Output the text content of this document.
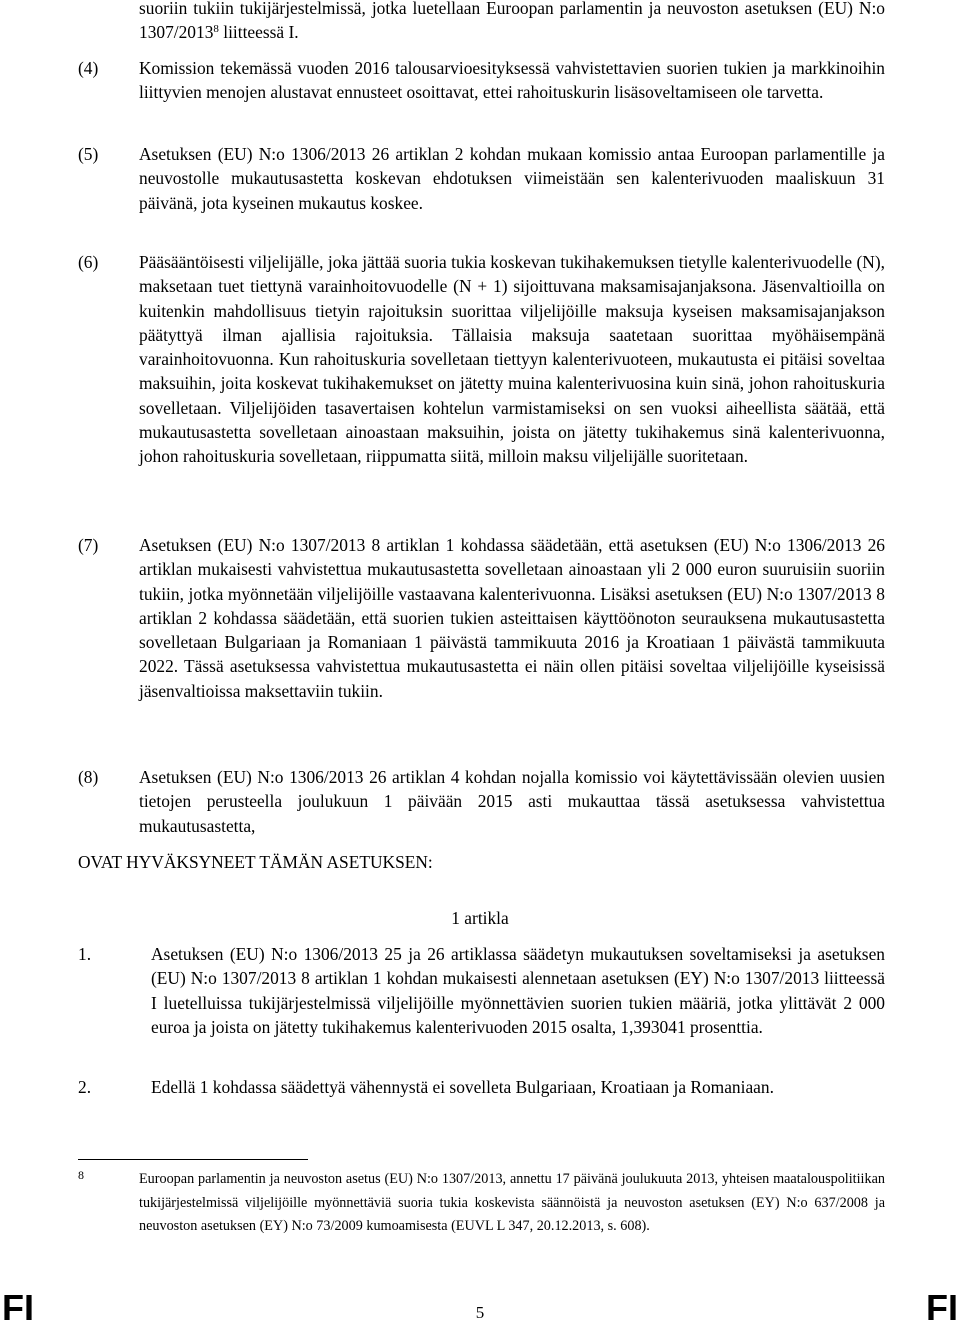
suoriin tukiin tukijärjestelmissä, jotka luetellaan Euroopan parlamentin ja neuvoston asetuksen (EU) N:o 1307/2013$^8$ liitteessä I.

(4) Komission tekemässä vuoden 2016 talousarvioesityksessä vahvistettavien suorien tukien ja markkinoihin liittyvien menojen alustavat ennusteet osoittavat, ettei rahoituskurin lisäsoveltamiseen ole tarvetta.

(5) Asetuksen (EU) N:o 1306/2013 26 artiklan 2 kohdan mukaan komissio antaa Euroopan parlamentille ja neuvostolle mukautusastetta koskevan ehdotuksen viimeistään sen kalenterivuoden maaliskuun 31 päivänä, jota kyseinen mukautus koskee.

(6) Pääsääntöisesti viljelijälle, joka jättää suoria tukia koskevan tukihakemuksen tietylle kalenterivuodelle (N), maksetaan tuet tiettynä varainhoitovuodelle (N + 1) sijoittuvana maksamisajanjaksona. Jäsenvaltioilla on kuitenkin mahdollisuus tietyin rajoituksin suorittaa viljelijöille maksuja kyseisen maksamisajanjakson päätyttyä ilman ajallisia rajoituksia. Tällaisia maksuja saatetaan suorittaa myöhäisempänä varainhoitovuonna. Kun rahoituskuria sovelletaan tiettyyn kalenterivuoteen, mukautusta ei pitäisi soveltaa maksuihin, joita koskevat tukihakemukset on jätetty muina kalenterivuosina kuin sinä, johon rahoituskuria sovelletaan. Viljelijöiden tasavertaisen kohtelun varmistamiseksi on sen vuoksi aiheellista säätää, että mukautusastetta sovelletaan ainoastaan maksuihin, joista on jätetty tukihakemus sinä kalenterivuonna, johon rahoituskuria sovelletaan, riippumatta siitä, milloin maksu viljelijälle suoritetaan.

(7) Asetuksen (EU) N:o 1307/2013 8 artiklan 1 kohdassa säädetään, että asetuksen (EU) N:o 1306/2013 26 artiklan mukaisesti vahvistettua mukautusastetta sovelletaan ainoastaan yli 2 000 euron suuruisiin suoriin tukiin, jotka myönnetään viljelijöille vastaavana kalenterivuonna. Lisäksi asetuksen (EU) N:o 1307/2013 8 artiklan 2 kohdassa säädetään, että suorien tukien asteittaisen käyttöönoton seurauksena mukautusastetta sovelletaan Bulgariaan ja Romaniaan 1 päivästä tammikuuta 2016 ja Kroatiaan 1 päivästä tammikuuta 2022. Tässä asetuksessa vahvistettua mukautusastetta ei näin ollen pitäisi soveltaa viljelijöille kyseisissä jäsenvaltioissa maksettaviin tukiin.

(8) Asetuksen (EU) N:o 1306/2013 26 artiklan 4 kohdan nojalla komissio voi käytettävissään olevien uusien tietojen perusteella joulukuun 1 päivään 2015 asti mukauttaa tässä asetuksessa vahvistettua mukautusastetta,

OVAT HYVÄKSYNEET TÄMÄN ASETUKSEN:
1 artikla
1.	Asetuksen (EU) N:o 1306/2013 25 ja 26 artiklassa säädetyn mukautuksen soveltamiseksi ja asetuksen (EU) N:o 1307/2013 8 artiklan 1 kohdan mukaisesti alennetaan asetuksen (EY) N:o 1307/2013 liitteessä I luetelluissa tukijärjestelmissä viljelijöille myönnettävien suorien tukien määriä, jotka ylittävät 2 000 euroa ja joista on jätetty tukihakemus kalenterivuoden 2015 osalta, 1,393041 prosenttia.

2.	Edellä 1 kohdassa säädettyä vähennystä ei sovelleta Bulgariaan, Kroatiaan ja Romaniaan.

8	Euroopan parlamentin ja neuvoston asetus (EU) N:o 1307/2013, annettu 17 päivänä joulukuuta 2013, yhteisen maatalouspolitiikan tukijärjestelmissä viljelijöille myönnettäviä suoria tukia koskevista säännöistä ja neuvoston asetuksen (EY) N:o 637/2008 ja neuvoston asetuksen (EY) N:o 73/2009 kumoamisesta (EUVL L 347, 20.12.2013, s. 608).

FI	5	FI
